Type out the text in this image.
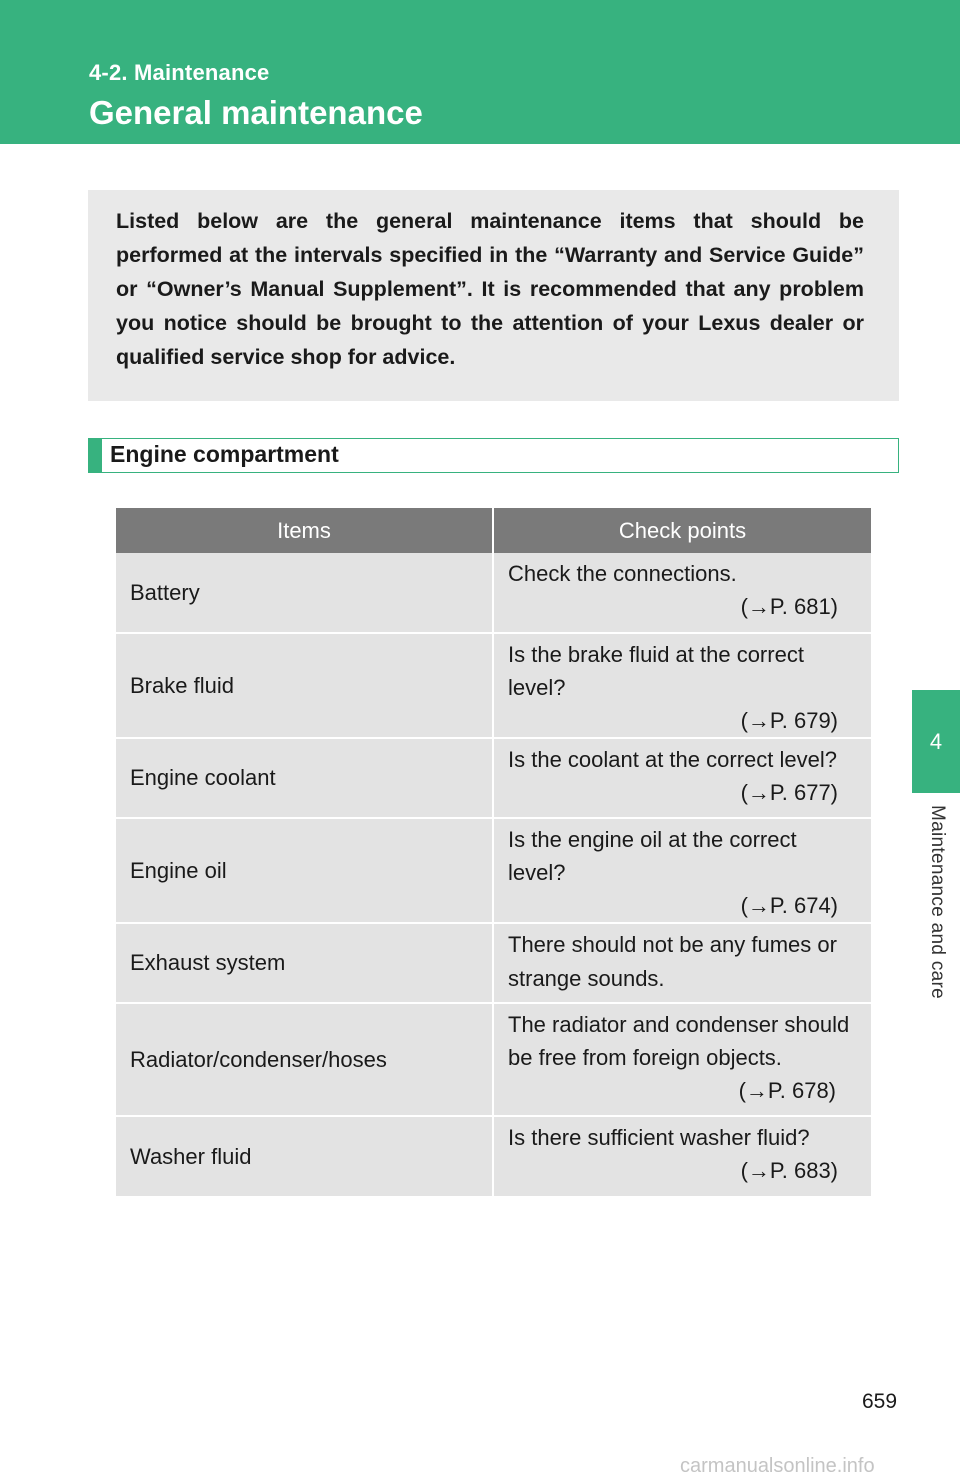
4-2. Maintenance
General maintenance
Listed below are the general maintenance items that should be performed at the intervals specified in the “Warranty and Service Guide” or “Owner’s Manual Supplement”. It is recommended that any problem you notice should be brought to the attention of your Lexus dealer or qualified service shop for advice.
Engine compartment
Items	Check points
Battery	Check the connections.
(→P. 681)

Brake fluid	Is the brake fluid at the correct level?
(→P. 679)

Engine coolant	Is the coolant at the correct level?
(→P. 677)

Engine oil	Is the engine oil at the correct level?
(→P. 674)

Exhaust system	There should not be any fumes or strange sounds.
Radiator/condenser/hoses	The radiator and condenser should be free from foreign objects.
(→P. 678)

Washer fluid	Is there sufficient washer fluid?
(→P. 683)
4
Maintenance and care
659
carmanualsonline.info
